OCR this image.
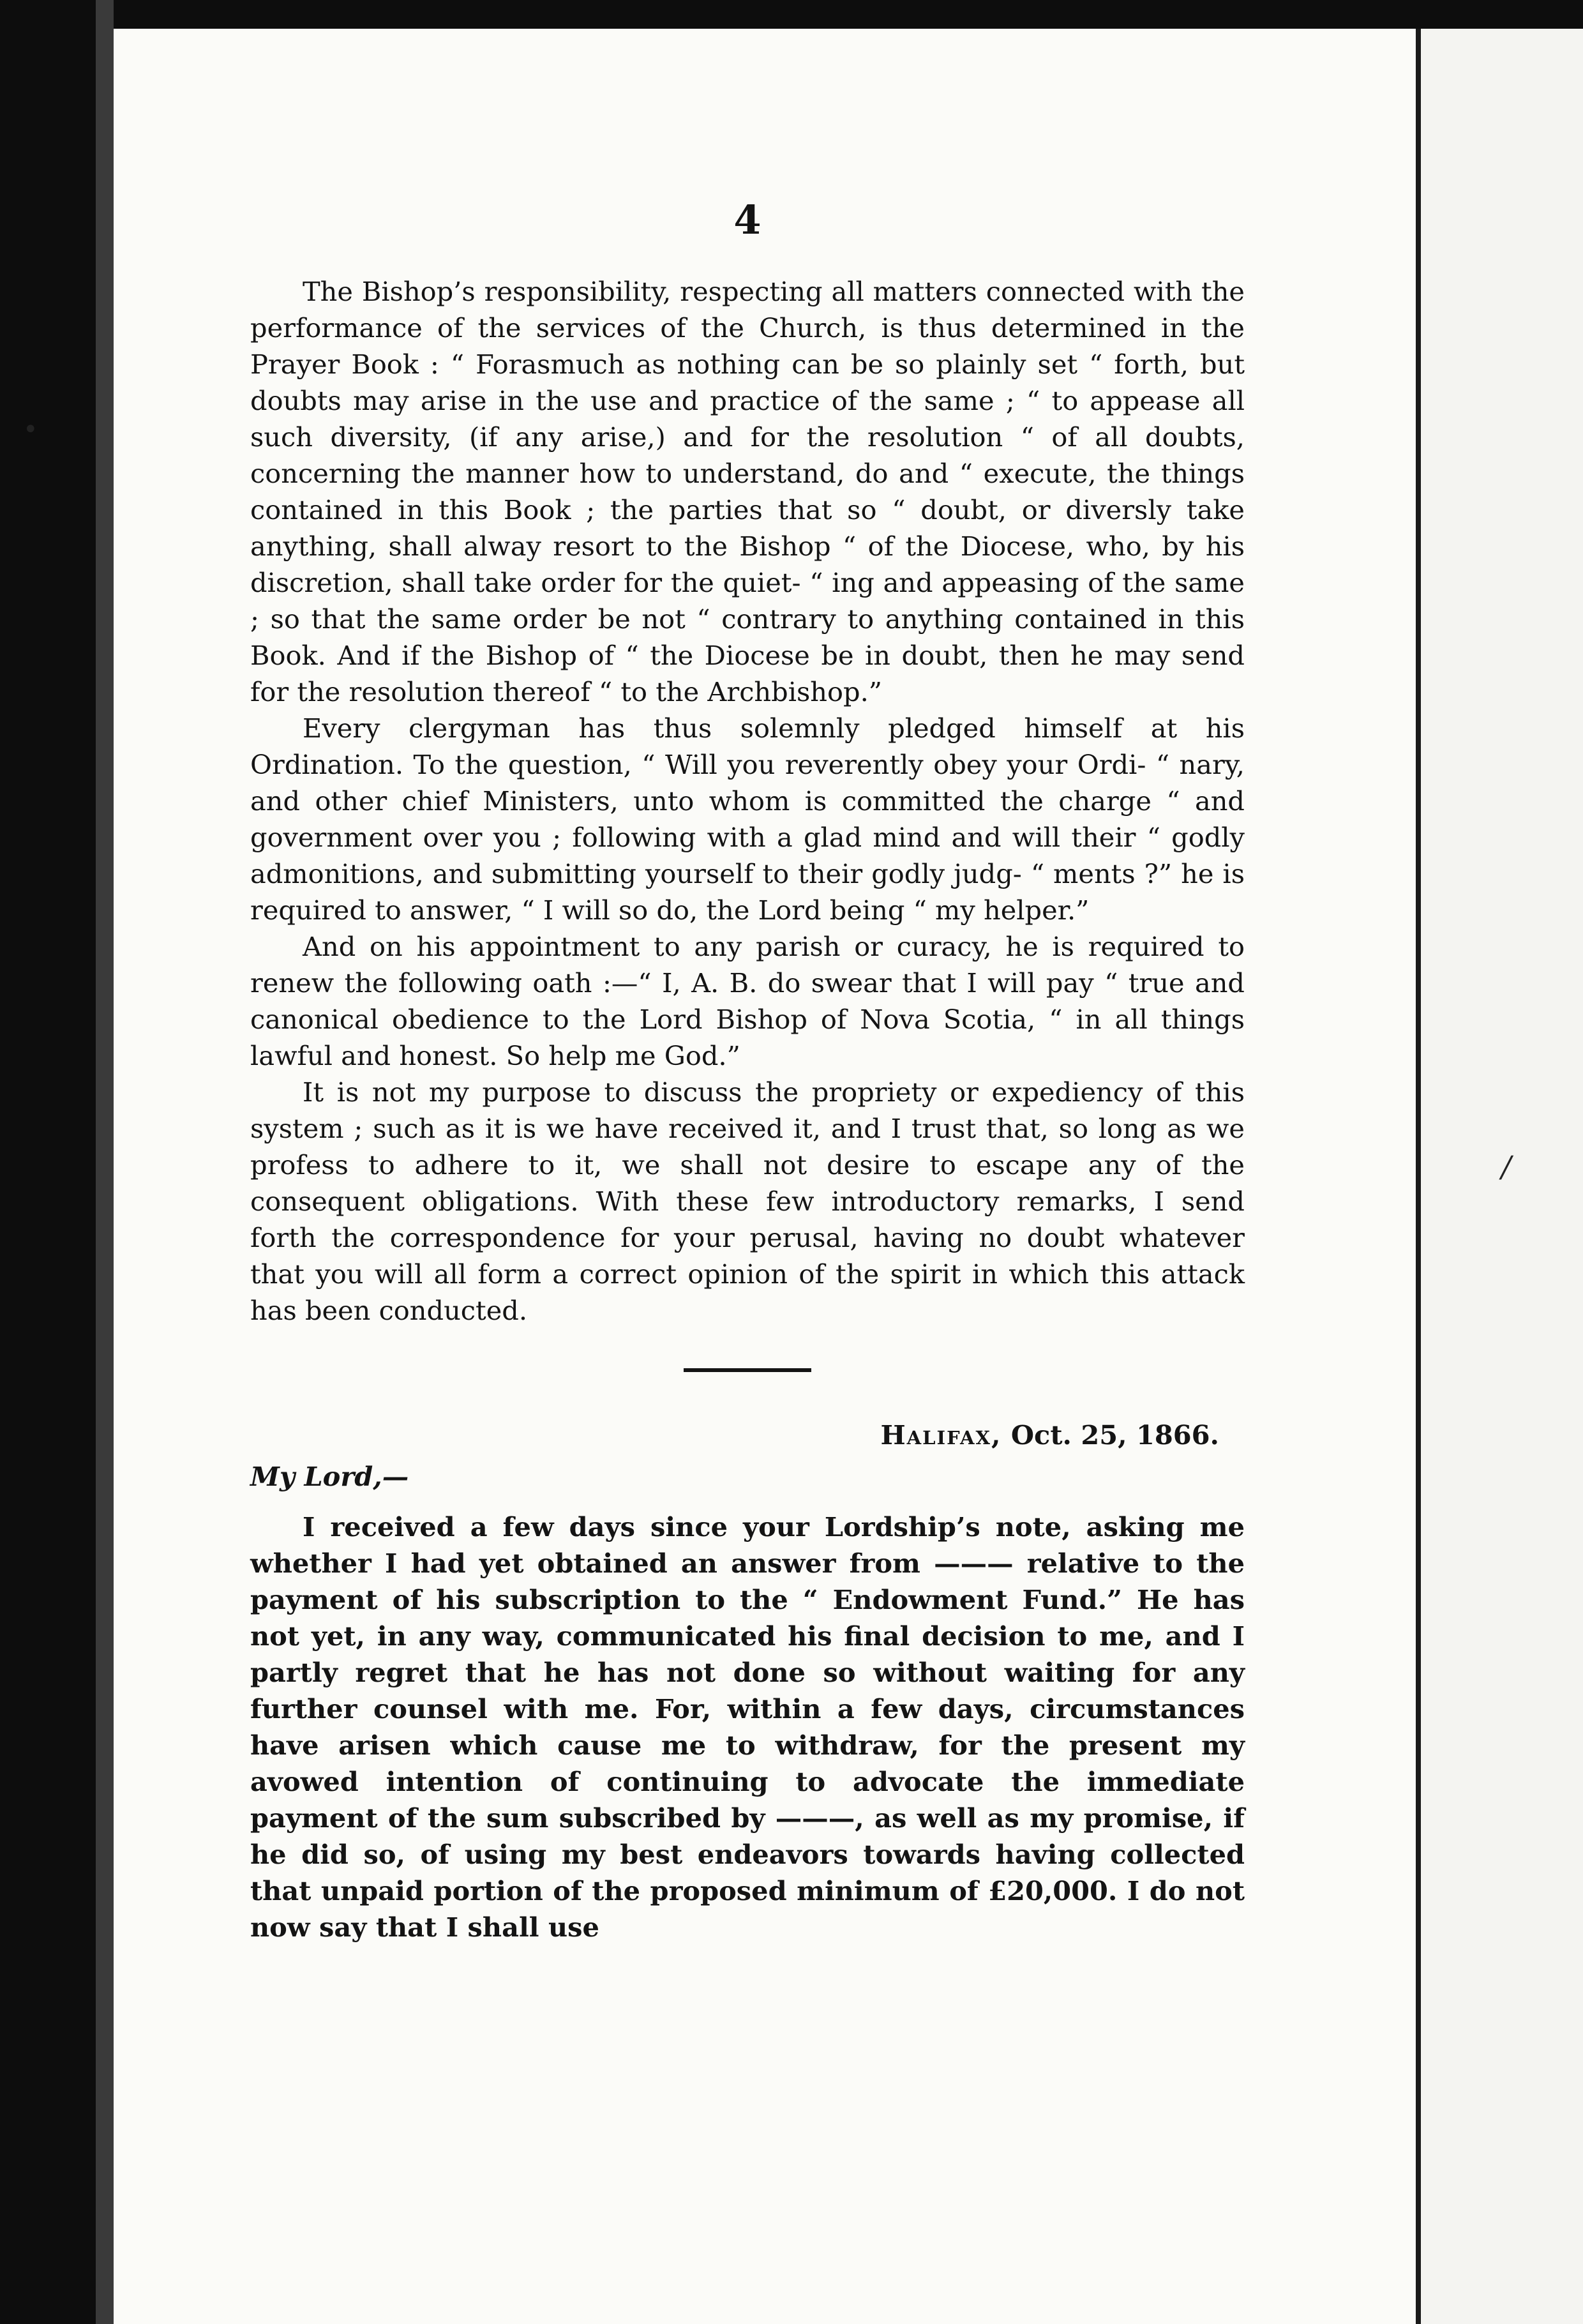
•
/
4

The Bishop’s responsibility, respecting all matters connected with the performance of the services of the Church, is thus determined in the Prayer Book : “ Forasmuch as nothing can be so plainly set “ forth, but doubts may arise in the use and practice of the same ; “ to appease all such diversity, (if any arise,) and for the resolution “ of all doubts, concerning the manner how to understand, do and “ execute, the things contained in this Book ; the parties that so “ doubt, or diversly take anything, shall alway resort to the Bishop “ of the Diocese, who, by his discretion, shall take order for the quiet- “ ing and appeasing of the same ; so that the same order be not “ contrary to anything contained in this Book. And if the Bishop of “ the Diocese be in doubt, then he may send for the resolution thereof “ to the Archbishop.”

Every clergyman has thus solemnly pledged himself at his Ordination. To the question, “ Will you reverently obey your Ordi- “ nary, and other chief Ministers, unto whom is committed the charge “ and government over you ; following with a glad mind and will their “ godly admonitions, and submitting yourself to their godly judg- “ ments ?” he is required to answer, “ I will so do, the Lord being “ my helper.”

And on his appointment to any parish or curacy, he is required to renew the following oath :—“ I, A. B. do swear that I will pay “ true and canonical obedience to the Lord Bishop of Nova Scotia, “ in all things lawful and honest. So help me God.”

It is not my purpose to discuss the propriety or expediency of this system ; such as it is we have received it, and I trust that, so long as we profess to adhere to it, we shall not desire to escape any of the consequent obligations. With these few introductory remarks, I send forth the correspondence for your perusal, having no doubt whatever that you will all form a correct opinion of the spirit in which this attack has been conducted.

Halifax, Oct. 25, 1866.

My Lord,—

I received a few days since your Lordship’s note, asking me whether I had yet obtained an answer from ——— relative to the payment of his subscription to the “ Endowment Fund.” He has not yet, in any way, communicated his final decision to me, and I partly regret that he has not done so without waiting for any further counsel with me. For, within a few days, circumstances have arisen which cause me to withdraw, for the present my avowed intention of continuing to advocate the immediate payment of the sum subscribed by ———, as well as my promise, if he did so, of using my best endeavors towards having collected that unpaid portion of the proposed minimum of £20,000. I do not now say that I shall use
